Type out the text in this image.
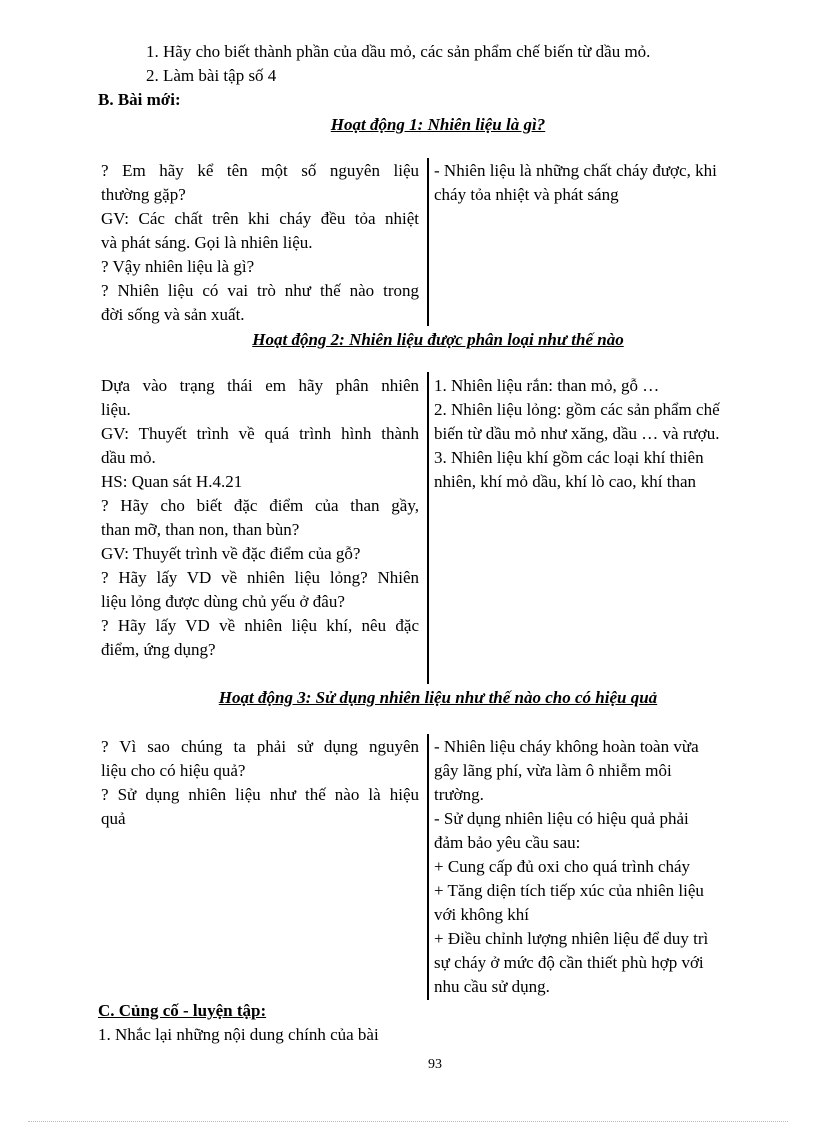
1. Hãy cho biết thành phần của dầu mỏ, các sản phẩm chế biến từ dầu mỏ.
2. Làm bài tập số 4
B. Bài mới:
Hoạt động 1: Nhiên liệu là gì?
? Em hãy kể tên một số nguyên liệu
thường gặp?
GV: Các chất trên khi cháy đều tỏa nhiệt
và phát sáng. Gọi là nhiên liệu.
? Vậy nhiên liệu là gì?
? Nhiên liệu có vai trò như thế nào trong
đời sống và sản xuất.
- Nhiên liệu là những chất cháy được, khi
cháy tỏa nhiệt và phát sáng
Hoạt động 2: Nhiên liệu được phân loại như thế nào
Dựa vào trạng thái em hãy phân nhiên
liệu.
GV: Thuyết trình về quá trình hình thành
dầu mỏ.
HS: Quan sát H.4.21
? Hãy cho biết đặc điểm của than gầy,
than mỡ, than non, than bùn?
GV: Thuyết trình về đặc điểm của gỗ?
? Hãy lấy VD về nhiên liệu lỏng? Nhiên
liệu lỏng được dùng chủ yếu ở đâu?
? Hãy lấy VD về nhiên liệu khí, nêu đặc
điểm, ứng dụng?
1. Nhiên liệu rắn: than mỏ, gỗ …
2. Nhiên liệu lỏng: gồm các sản phẩm chế
biến từ dầu mỏ như xăng, dầu … và rượu.
3. Nhiên liệu khí gồm các loại khí thiên
nhiên, khí mỏ dầu, khí lò cao, khí than
Hoạt động 3: Sử dụng nhiên liệu như thế nào cho có hiệu quả
? Vì sao chúng ta phải sử dụng nguyên
liệu cho có hiệu quả?
? Sử dụng nhiên liệu như thế nào là hiệu
quả
- Nhiên liệu cháy không hoàn toàn vừa
gây lãng phí, vừa làm ô nhiễm môi
trường.
- Sử dụng nhiên liệu có hiệu quả phải
đảm bảo yêu cầu sau:
+ Cung cấp đủ oxi cho quá trình cháy
+ Tăng diện tích tiếp xúc của nhiên liệu
với không khí
+ Điều chỉnh lượng nhiên liệu để duy trì
sự cháy ở mức độ cần thiết phù hợp với
nhu cầu sử dụng.
C. Củng cố - luyện tập:
1. Nhắc lại những nội dung chính của bài
93
